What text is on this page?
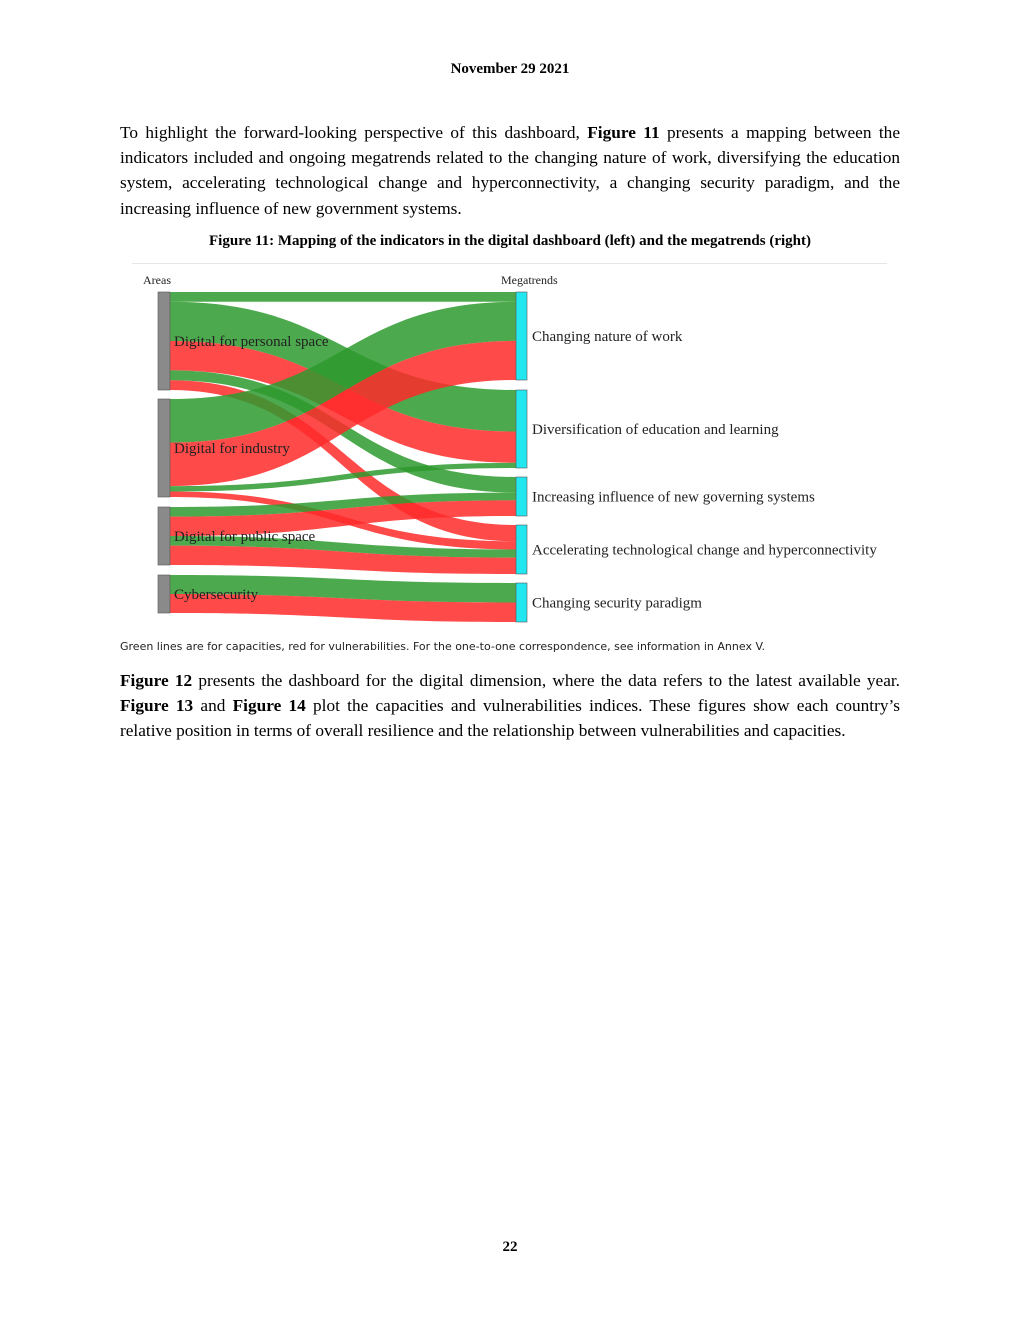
November 29 2021

To highlight the forward-looking perspective of this dashboard, Figure 11 presents a mapping between the indicators included and ongoing megatrends related to the changing nature of work, diversifying the education system, accelerating technological change and hyperconnectivity, a changing security paradigm, and the increasing influence of new government systems.

Figure 11: Mapping of the indicators in the digital dashboard (left) and the megatrends (right)
Digital for personal space
Digital for industry
Digital for public space
Cybersecurity
Changing nature of work
Diversification of education and learning
Increasing influence of new governing systems
Accelerating technological change and hyperconnectivity
Changing security paradigm
Areas	Megatrends
Green lines are for capacities, red for vulnerabilities. For the one-to-one correspondence, see information in Annex V.

Figure 12 presents the dashboard for the digital dimension, where the data refers to the latest available year. Figure 13 and Figure 14 plot the capacities and vulnerabilities indices. These figures show each country’s relative position in terms of overall resilience and the relationship between vulnerabilities and capacities.

22
